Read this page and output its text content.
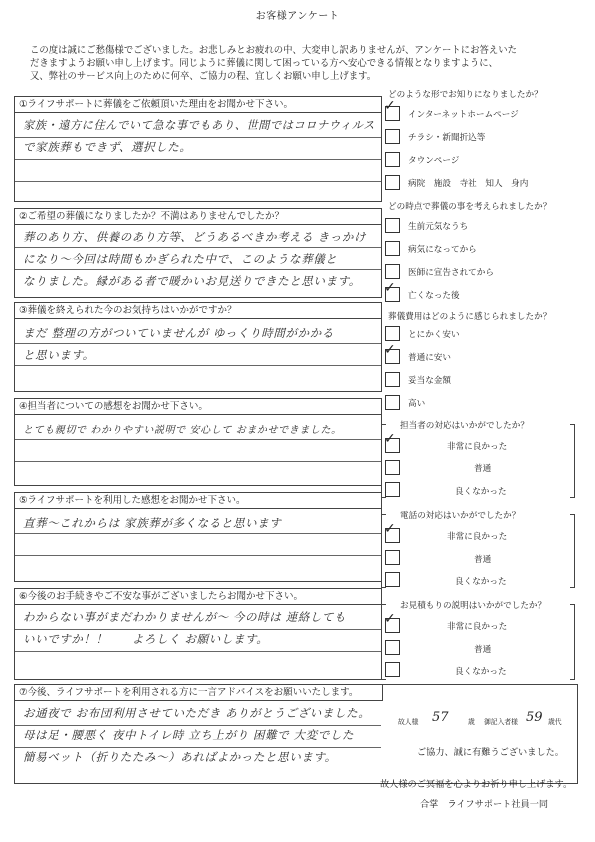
お客様アンケート
この度は誠にご愁傷様でございました。お悲しみとお疲れの中、大変申し訳ありませんが、アンケートにお答えいた
だきますようお願い申し上げます。同じように葬儀に関して困っている方へ安心できる情報となりますように、
又、弊社のサービス向上のために何卒、ご協力の程、宜しくお願い申し上げます。
①ライフサポートに葬儀をご依頼頂いた理由をお聞かせ下さい。
家族・遠方に住んでいて急な事でもあり、世間ではコロナウィルス
で家族葬もできず、選択した。
②ご希望の葬儀になりましたか？不満はありませんでしたか？
葬のあり方、供養のあり方等、どうあるべきか考える きっかけ
になり～今回は時間もかぎられた中で、このような葬儀と
なりました。縁がある者で暖かいお見送りできたと思います。
③葬儀を終えられた今のお気持ちはいかがですか？
まだ 整理の方がついていませんが ゆっくり時間がかかる
と思います。
④担当者についての感想をお聞かせ下さい。
とても親切で わかりやすい説明で 安心して おまかせできました。
⑤ライフサポートを利用した感想をお聞かせ下さい。
直葬～これからは 家族葬が多くなると思います
⑥今後のお手続きやご不安な事がございましたらお聞かせ下さい。
わからない事がまだわかりませんが～ 今の時は 連絡しても
いいですか！！　　よろしく お願いします。
⑦今後、ライフサポートを利用される方に一言アドバイスをお願いいたします。
お通夜で お布団利用させていただき ありがとうございました。
母は足・腰悪く 夜中トイレ時 立ち上がり 困難で 大変でした
簡易ベット（折りたたみ～）あればよかったと思います。
どのような形でお知りになりましたか？
✓
インターネットホームページ
チラシ・新聞折込等
タウンページ
病院　施設　寺社　知人　身内
どの時点で葬儀の事を考えられましたか？
生前元気なうち
病気になってから
医師に宣告されてから
✓ 亡くなった後
葬儀費用はどのように感じられましたか？
とにかく安い
✓ 普通に安い
妥当な金額
高い
担当者の対応はいかがでしたか？
✓	非常に良かった
普通
良くなかった
電話の対応はいかがでしたか？
✓	非常に良かった
普通
良くなかった
お見積もりの説明はいかがでしたか？
✓	非常に良かった
普通
良くなかった
故人様 57	歳 御記入者様 59 歳代
ご協力、誠に有難うございました。
故人様のご冥福を心よりお祈り申し上げます。
合掌　ライフサポート社員一同
